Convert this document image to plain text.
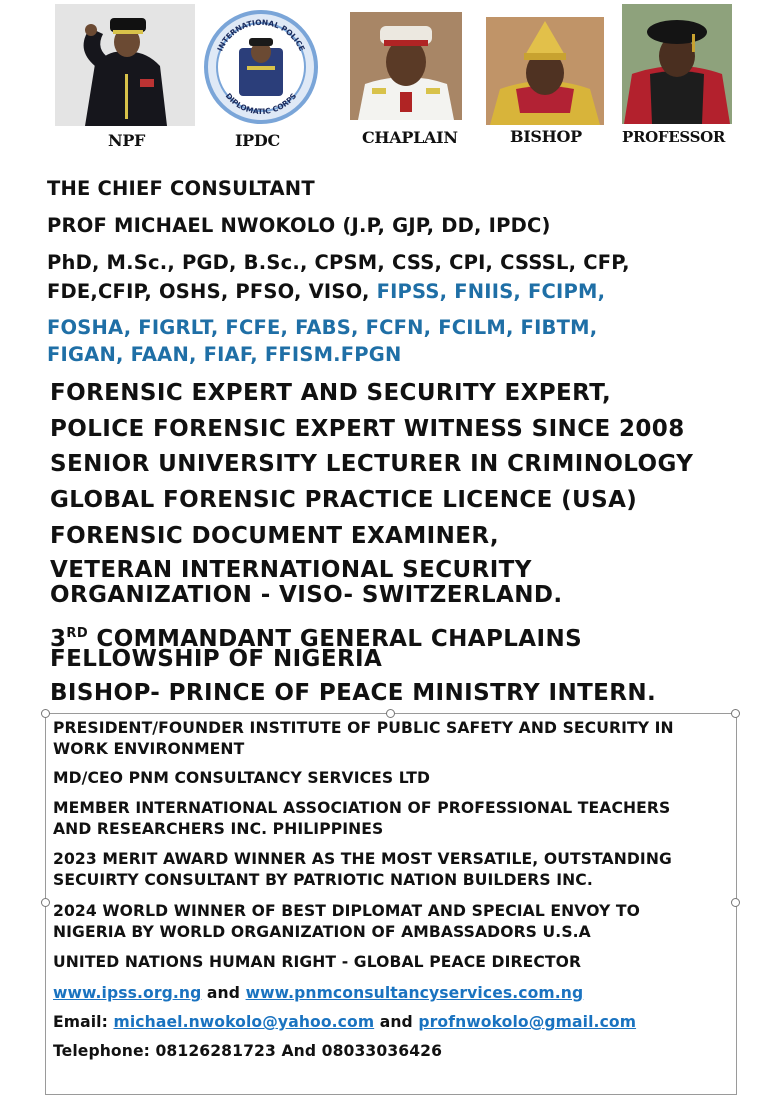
NPF
INTERNATIONAL POLICE
DIPLOMATIC CORPS
IPDC	CHAPLAIN	BISHOP	PROFESSOR
THE CHIEF CONSULTANT
PROF MICHAEL NWOKOLO (J.P, GJP, DD, IPDC)
PhD, M.Sc., PGD, B.Sc., CPSM, CSS, CPI, CSSSL, CFP,
FDE,CFIP, OSHS, PFSO, VISO, FIPSS, FNIIS, FCIPM,
FOSHA, FIGRLT, FCFE, FABS, FCFN, FCILM, FIBTM,
FIGAN, FAAN, FIAF, FFISM.FPGN
FORENSIC EXPERT AND SECURITY EXPERT,
POLICE FORENSIC EXPERT WITNESS SINCE 2008
SENIOR UNIVERSITY LECTURER IN CRIMINOLOGY
GLOBAL FORENSIC PRACTICE LICENCE (USA)
FORENSIC DOCUMENT EXAMINER,
VETERAN INTERNATIONAL SECURITY
ORGANIZATION - VISO- SWITZERLAND.
3RD COMMANDANT GENERAL CHAPLAINS
FELLOWSHIP OF NIGERIA
BISHOP- PRINCE OF PEACE MINISTRY INTERN.
PRESIDENT/FOUNDER INSTITUTE OF PUBLIC SAFETY AND SECURITY IN
WORK ENVIRONMENT
MD/CEO PNM CONSULTANCY SERVICES LTD
MEMBER INTERNATIONAL ASSOCIATION OF PROFESSIONAL TEACHERS
AND RESEARCHERS INC. PHILIPPINES
2023 MERIT AWARD WINNER AS THE MOST VERSATILE, OUTSTANDING
SECUIRTY CONSULTANT BY PATRIOTIC NATION BUILDERS INC.
2024 WORLD WINNER OF BEST DIPLOMAT AND SPECIAL ENVOY TO
NIGERIA BY WORLD ORGANIZATION OF AMBASSADORS U.S.A
UNITED NATIONS HUMAN RIGHT - GLOBAL PEACE DIRECTOR
www.ipss.org.ng and www.pnmconsultancyservices.com.ng
Email: michael.nwokolo@yahoo.com and profnwokolo@gmail.com
Telephone: 08126281723 And 08033036426
